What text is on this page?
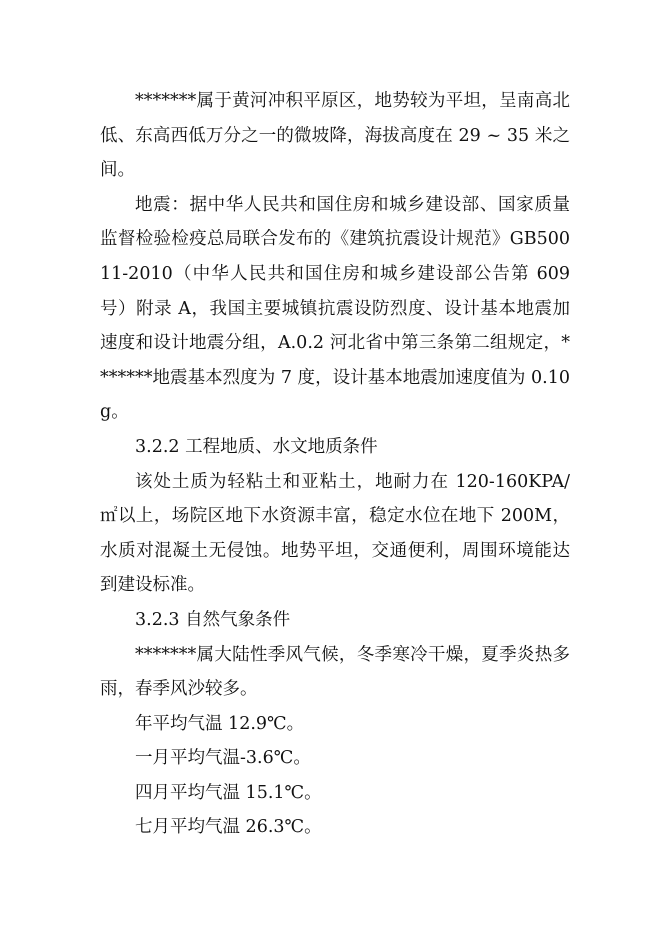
*******属于黄河冲积平原区，地势较为平坦，呈南高北低、东高西低万分之一的微坡降，海拔高度在 29 ~ 35 米之间。

地震：据中华人民共和国住房和城乡建设部、国家质量监督检验检疫总局联合发布的《建筑抗震设计规范》GB50011-2010（中华人民共和国住房和城乡建设部公告第 609 号）附录 A，我国主要城镇抗震设防烈度、设计基本地震加速度和设计地震分组，A.0.2 河北省中第三条第二组规定，*******地震基本烈度为 7 度，设计基本地震加速度值为 0.10g。

3.2.2 工程地质、水文地质条件

该处土质为轻粘土和亚粘土，地耐力在 120-160KPA/㎡以上，场院区地下水资源丰富，稳定水位在地下 200M，水质对混凝土无侵蚀。地势平坦，交通便利，周围环境能达到建设标准。

3.2.3 自然气象条件

*******属大陆性季风气候，冬季寒冷干燥，夏季炎热多雨，春季风沙较多。

年平均气温 12.9℃。

一月平均气温-3.6℃。

四月平均气温 15.1℃。

七月平均气温 26.3℃。
